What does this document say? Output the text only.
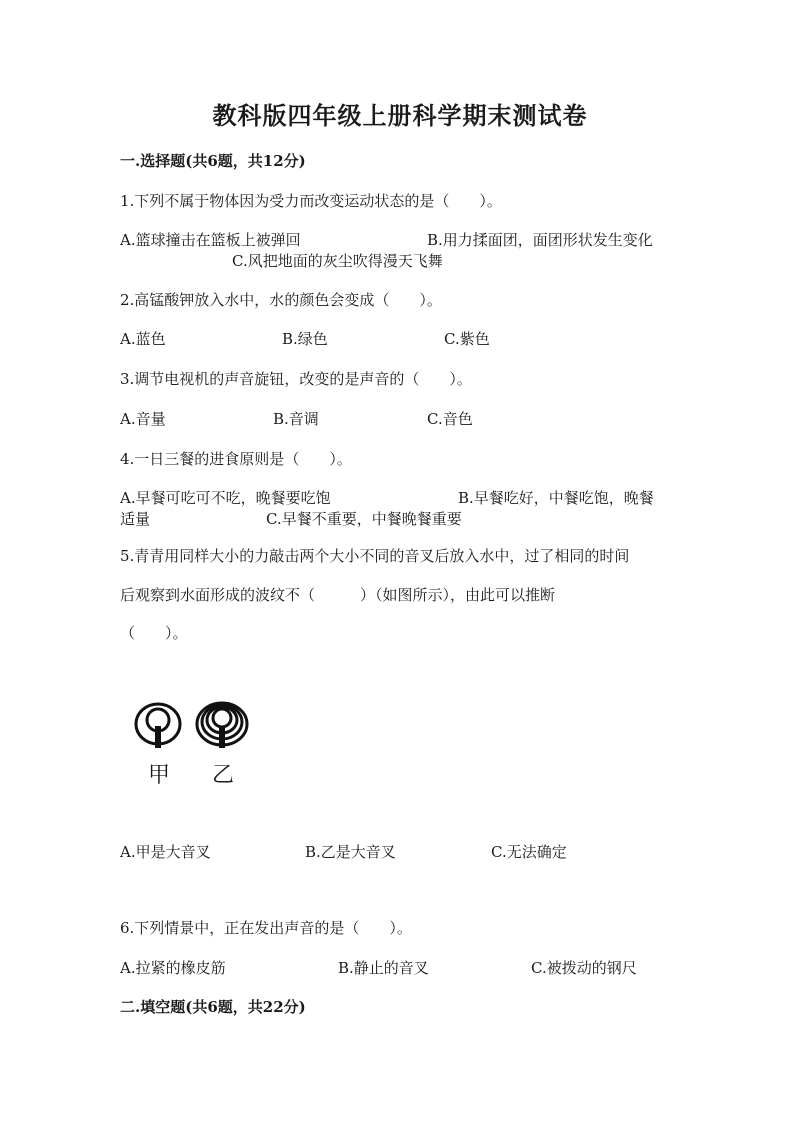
教科版四年级上册科学期末测试卷
一.选择题(共6题，共12分)
1.下列不属于物体因为受力而改变运动状态的是（　　）。
A.篮球撞击在篮板上被弹回	B.用力揉面团，面团形状发生变化
C.风把地面的灰尘吹得漫天飞舞
2.高锰酸钾放入水中，水的颜色会变成（　　）。
A.蓝色	B.绿色	C.紫色
3.调节电视机的声音旋钮，改变的是声音的（　　）。
A.音量	B.音调	C.音色
4.一日三餐的进食原则是（　　）。
A.早餐可吃可不吃，晚餐要吃饱	B.早餐吃好，中餐吃饱，晚餐
适量	C.早餐不重要，中餐晚餐重要
5.青青用同样大小的力敲击两个大小不同的音叉后放入水中，过了相同的时间
后观察到水面形成的波纹不（　　　）（如图所示），由此可以推断
（　　）。
甲 乙
A.甲是大音叉	B.乙是大音叉	C.无法确定
6.下列情景中，正在发出声音的是（　　）。
A.拉紧的橡皮筋	B.静止的音叉	C.被拨动的钢尺
二.填空题(共6题，共22分)
